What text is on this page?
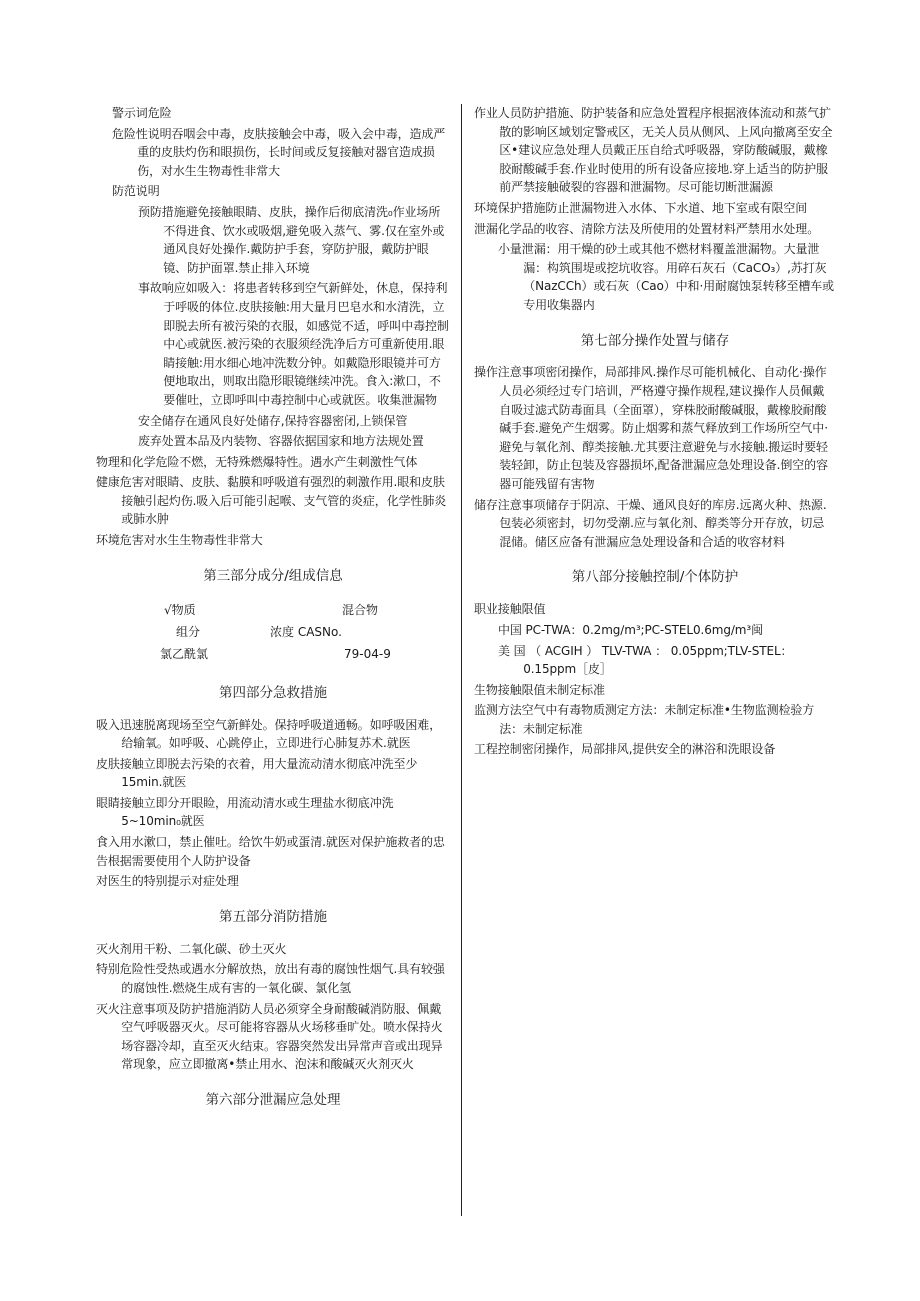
警示词危险

危险性说明吞咽会中毒，皮肤接触会中毒，吸入会中毒，造成严重的皮肤灼伤和眼损伤，长时间或反复接触对器官造成损伤，对水生生物毒性非常大

防范说明

预防措施避免接触眼睛、皮肤，操作后彻底清洗₀作业场所不得进食、饮水或吸烟,避免吸入蒸气、雾.仅在室外或通风良好处操作.戴防护手套，穿防护服，戴防护眼镜、防护面罩.禁止排入环境

事故响应如吸入：将患者转移到空气新鲜处，休息，保持利于呼吸的体位.皮肤接触:用大量月巴皂水和水清洗，立即脱去所有被污染的衣服，如感觉不适，呼叫中毒控制中心或就医.被污染的衣服须经洗净后方可重新使用.眼睛接触:用水细心地冲洗数分钟。如戴隐形眼镜并可方便地取出，则取出隐形眼镜继续冲洗。食入:漱口，不要催吐，立即呼叫中毒控制中心或就医。收集泄漏物

安全储存在通风良好处储存,保持容器密闭,上锁保管

废弃处置本品及内装物、容器依据国家和地方法规处置

物理和化学危险不燃，无特殊燃爆特性。遇水产生刺激性气体

健康危害对眼睛、皮肤、黏膜和呼吸道有强烈的刺激作用.眼和皮肤接触引起灼伤.吸入后可能引起喉、支气管的炎症，化学性肺炎或肺水肿

环境危害对水生生物毒性非常大

第三部分成分/组成信息
√物质	混合物
组分	浓度 CASNo.
氯乙酰氯	79-04-9
第四部分急救措施

吸入迅速脱离现场至空气新鲜处。保持呼吸道通畅。如呼吸困难，给输氧。如呼吸、心跳停止，立即进行心肺复苏术.就医

皮肤接触立即脱去污染的衣着，用大量流动清水彻底冲洗至少15min.就医

眼睛接触立即分开眼睑，用流动清水或生理盐水彻底冲洗5~10min₀就医

食入用水漱口，禁止催吐。给饮牛奶或蛋清.就医对保护施救者的忠告根据需要使用个人防护设备

对医生的特别提示对症处理

第五部分消防措施

灭火剂用干粉、二氧化碳、砂土灭火

特别危险性受热或遇水分解放热，放出有毒的腐蚀性烟气.具有较强的腐蚀性.燃烧生成有害的一氧化碳、氯化氢

灭火注意事项及防护措施消防人员必须穿全身耐酸碱消防服、佩戴空气呼吸器灭火。尽可能将容器从火场移垂旷处。喷水保持火场容器冷却，直至灭火结束。容器突然发出异常声音或出现异常现象，应立即撤离•禁止用水、泡沫和酸碱灭火剂灭火

第六部分泄漏应急处理

作业人员防护措施、防护装备和应急处置程序根据液体流动和蒸气扩散的影响区域划定警戒区，无关人员从侧风、上风向撤离至安全区•建议应急处理人员戴正压自给式呼吸器，穿防酸碱服，戴橡胶耐酸碱手套.作业时使用的所有设备应接地.穿上适当的防护服前严禁接触破裂的容器和泄漏物。尽可能切断泄漏源

环境保护措施防止泄漏物进入水体、下水道、地下室或有限空间

泄漏化学品的收容、清除方法及所使用的处置材料严禁用水处理。

小量泄漏：用干燥的砂土或其他不燃材料覆盖泄漏物。大量泄漏：构筑围堤或挖坑收容。用碎石灰石（CaCO₃）,苏打灰（NazCCh）或石灰（Cao）中和·用耐腐蚀泵转移至槽车或专用收集器内

第七部分操作处置与储存

操作注意事项密闭操作，局部排风.操作尽可能机械化、自动化·操作人员必须经过专门培训，严格遵守操作规程,建议操作人员佩戴自吸过滤式防毒面具（全面罩），穿株胶耐酸碱服，戴橡胶耐酸碱手套.避免产生烟雾。防止烟雾和蒸气释放到工作场所空气中·避免与氧化剂、醇类接触.尤其要注意避免与水接触.搬运时要轻装轻卸，防止包装及容器损坏,配备泄漏应急处理设备.倒空的容器可能残留有害物

储存注意事项储存于阴凉、干燥、通风良好的库房.远离火种、热源.包装必须密封，切勿受潮.应与氧化剂、醇类等分开存放，切忌混储。储区应备有泄漏应急处理设备和合适的收容材料

第八部分接触控制/个体防护

职业接触限值

中国 PC-TWA：0.2mg∕m³;PC-STEL0.6mg∕m³闽

美 国 （ ACGIH ） TLV-TWA ： 0.05ppm;TLV-STEL：0.15ppm［皮］

生物接触限值未制定标准

监测方法空气中有毒物质测定方法：未制定标准•生物监测检验方法：未制定标准

工程控制密闭操作，局部排风,提供安全的淋浴和洗眼设备
